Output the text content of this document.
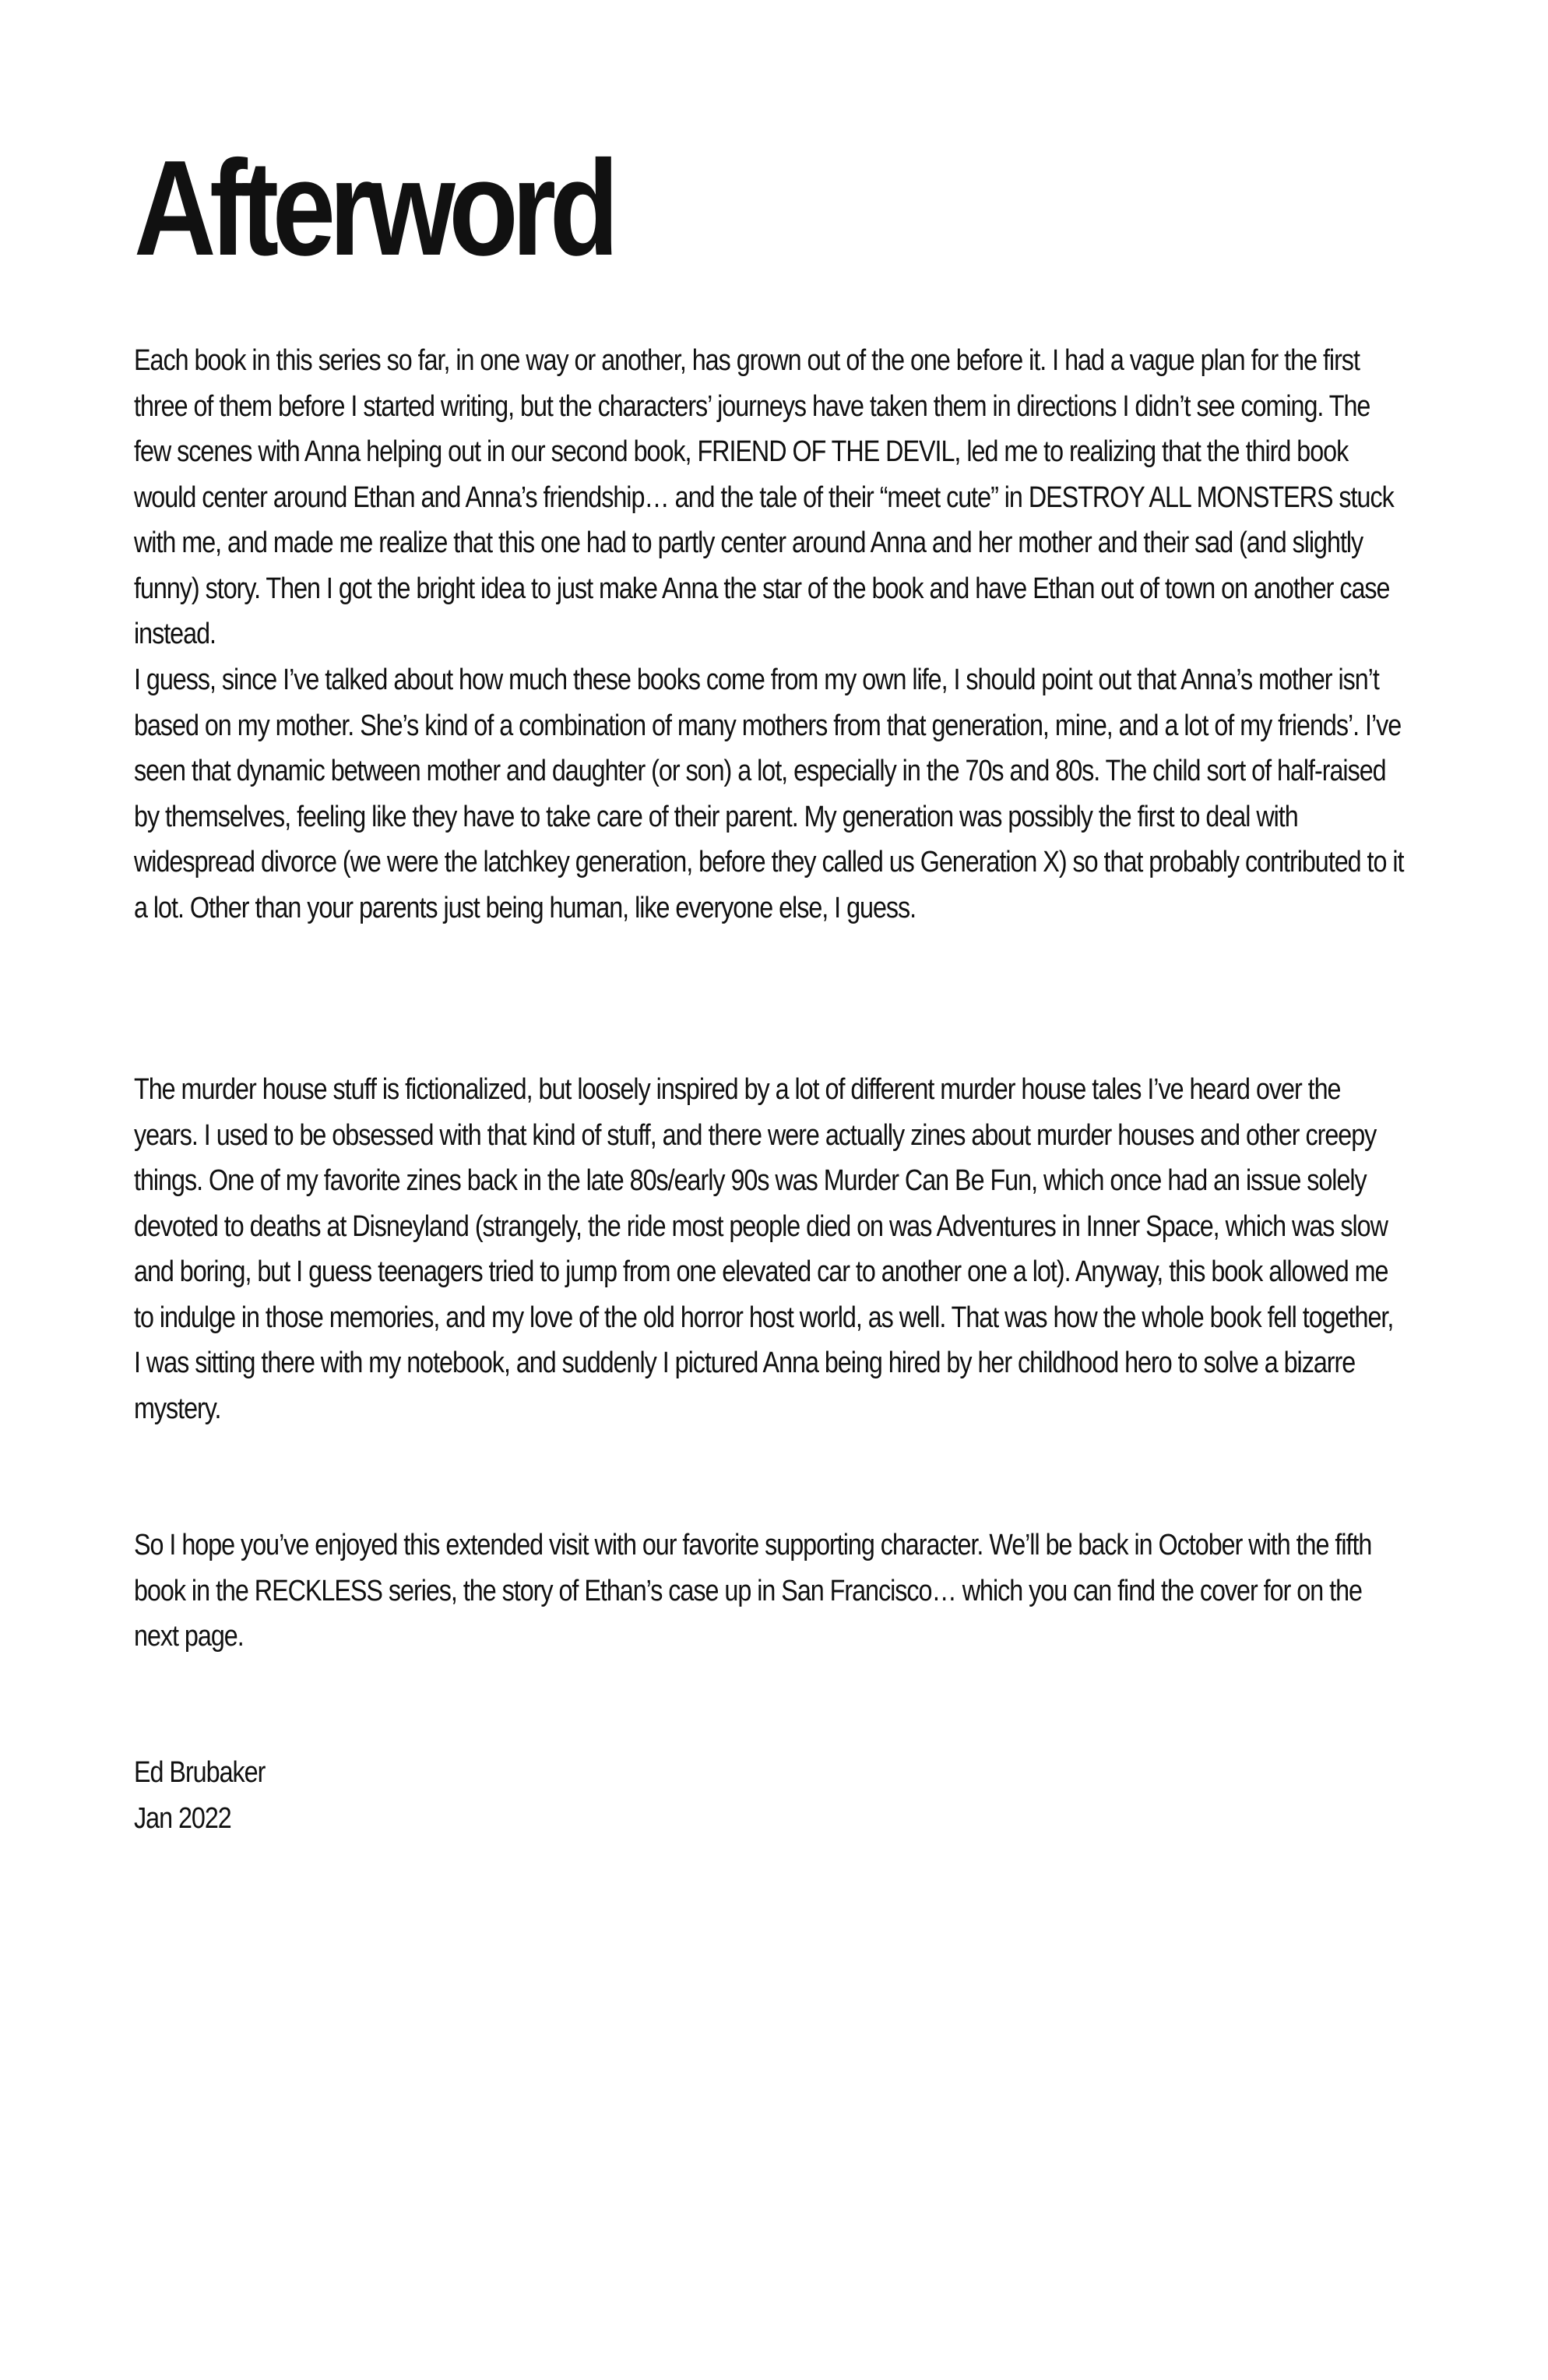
Afterword

Each book in this series so far, in one way or another, has grown out of the one before it. I had a vague plan for the first three of them before I started writing, but the characters’ journeys have taken them in directions I didn’t see coming. The few scenes with Anna helping out in our second book, FRIEND OF THE DEVIL, led me to realizing that the third book would center around Ethan and Anna’s friendship… and the tale of their “meet cute” in DESTROY ALL MONSTERS stuck with me, and made me realize that this one had to partly center around Anna and her mother and their sad (and slightly funny) story. Then I got the bright idea to just make Anna the star of the book and have Ethan out of town on another case instead.

I guess, since I’ve talked about how much these books come from my own life, I should point out that Anna’s mother isn’t based on my mother. She’s kind of a combination of many mothers from that generation, mine, and a lot of my friends’. I’ve seen that dynamic between mother and daughter (or son) a lot, especially in the 70s and 80s. The child sort of half-raised by themselves, feeling like they have to take care of their parent. My generation was possibly the first to deal with widespread divorce (we were the latchkey generation, before they called us Generation X) so that probably contributed to it a lot. Other than your parents just being human, like everyone else, I guess.

The murder house stuff is fictionalized, but loosely inspired by a lot of different murder house tales I’ve heard over the years. I used to be obsessed with that kind of stuff, and there were actually zines about murder houses and other creepy things. One of my favorite zines back in the late 80s/early 90s was Murder Can Be Fun, which once had an issue solely devoted to deaths at Disneyland (strangely, the ride most people died on was Adventures in Inner Space, which was slow and boring, but I guess teenagers tried to jump from one elevated car to another one a lot). Anyway, this book allowed me to indulge in those memories, and my love of the old horror host world, as well. That was how the whole book fell together, I was sitting there with my notebook, and suddenly I pictured Anna being hired by her childhood hero to solve a bizarre mystery.

So I hope you’ve enjoyed this extended visit with our favorite supporting character. We’ll be back in October with the fifth book in the RECKLESS series, the story of Ethan’s case up in San Francisco… which you can find the cover for on the next page.

Ed Brubaker

Jan 2022
